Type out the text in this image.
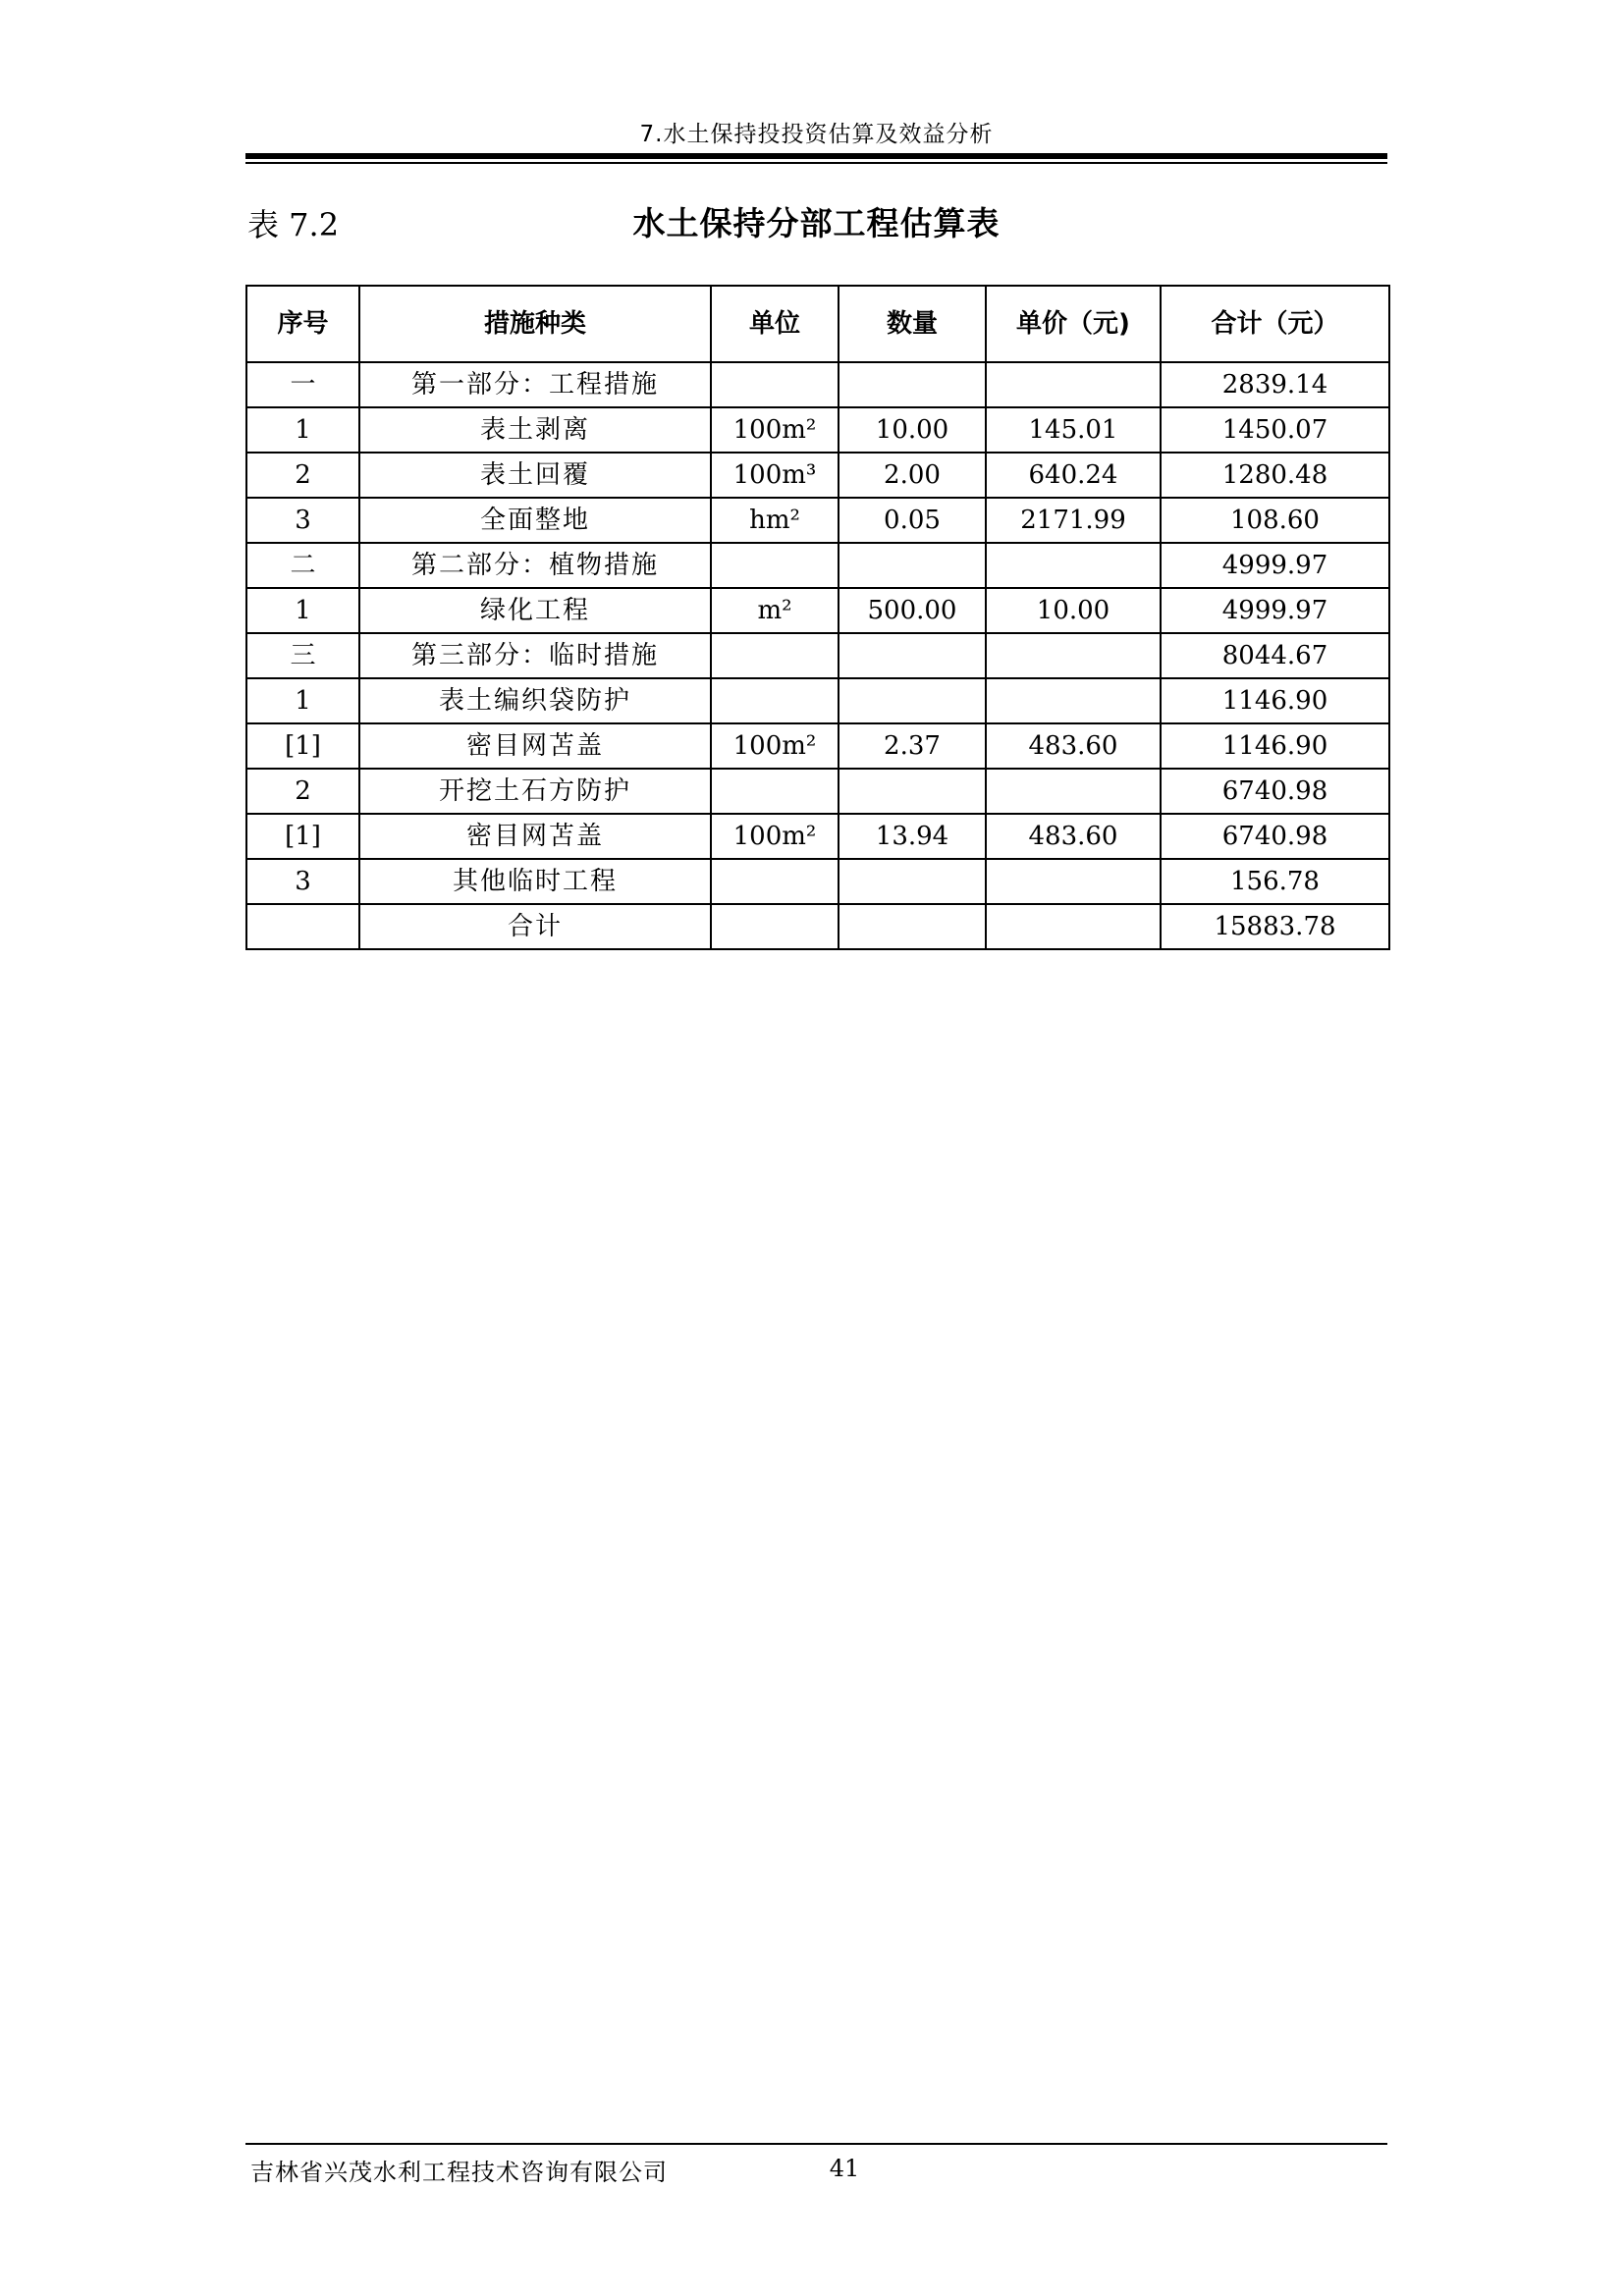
7.水土保持投投资估算及效益分析
表 7.2	水土保持分部工程估算表
序号	措施种类	单位	数量	单价（元)	合计（元）
一	第一部分：工程措施				2839.14
1	表土剥离	100m²	10.00	145.01	1450.07
2	表土回覆	100m³	2.00	640.24	1280.48
3	全面整地	hm²	0.05	2171.99	108.60
二	第二部分：植物措施				4999.97
1	绿化工程	m²	500.00	10.00	4999.97
三	第三部分：临时措施				8044.67
1	表土编织袋防护				1146.90
[1]	密目网苫盖	100m²	2.37	483.60	1146.90
2	开挖土石方防护				6740.98
[1]	密目网苫盖	100m²	13.94	483.60	6740.98
3	其他临时工程				156.78
	合计				15883.78
吉林省兴茂水利工程技术咨询有限公司	41
